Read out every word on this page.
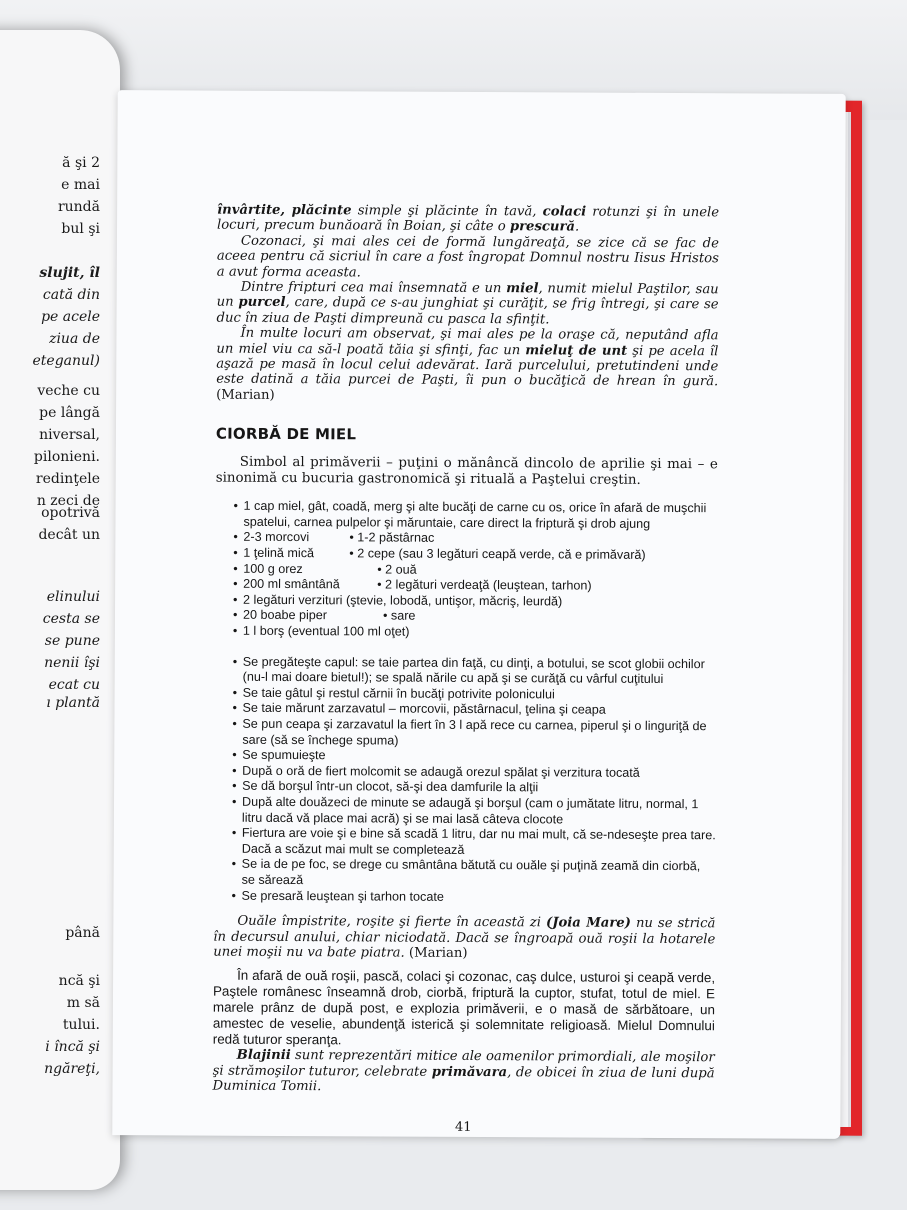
ă şi 2
e mai
rundă
bul şi
slujit, îl
cată din
pe acele
ziua de
eteganul)
veche cu
pe lângă
niversal,
pilonieni.
redinţele
n zeci de
opotrivă
decât un
elinului
cesta se
se pune
nenii îşi
ecat cu
ı plantă
până
ncă şi
m să
tului.
i încă şi
ngăreţi,

învârtite, plăcinte simple şi plăcinte în tavă, colaci rotunzi şi în unele locuri, precum bunăoară în Boian, şi câte o prescură.

Cozonaci, şi mai ales cei de formă lungăreaţă, se zice că se fac de aceea pentru că sicriul în care a fost îngropat Domnul nostru Iisus Hristos a avut forma aceasta.

Dintre fripturi cea mai însemnată e un miel, numit mielul Paştilor, sau un purcel, care, după ce s-au junghiat şi curăţit, se frig întregi, şi care se duc în ziua de Paşti dimpreună cu pasca la sfinţit.

În multe locuri am observat, şi mai ales pe la oraşe că, neputând afla un miel viu ca să-l poată tăia şi sfinţi, fac un mieluţ de unt şi pe acela îl aşază pe masă în locul celui adevărat. Iară purcelului, pretutindeni unde este datină a tăia purcei de Paşti, îi pun o bucăţică de hrean în gură. (Marian)

CIORBĂ DE MIEL

Simbol al primăverii – puţini o mănâncă dincolo de aprilie şi mai – e sinonimă cu bucuria gastronomică şi rituală a Paştelui creştin.

• 1 cap miel, gât, coadă, merg şi alte bucăţi de carne cu os, orice în afară de muşchii spatelui, carnea pulpelor şi măruntaie, care direct la friptură şi drob ajung
• 2-3 morcovi	• 1-2 păstârnac
• 1 ţelină mică	• 2 cepe (sau 3 legături ceapă verde, că e primăvară)
• 100 g orez	• 2 ouă
• 200 ml smântână	• 2 legături verdeaţă (leuştean, tarhon)
• 2 legături verzituri (ştevie, lobodă, untişor, măcriş, leurdă)
• 20 boabe piper	• sare
• 1 l borş (eventual 100 ml oţet)
• Se pregăteşte capul: se taie partea din faţă, cu dinţi, a botului, se scot globii ochilor (nu-l mai doare bietul!); se spală nările cu apă şi se curăţă cu vârful cuţitului
• Se taie gâtul şi restul cărnii în bucăţi potrivite polonicului
• Se taie mărunt zarzavatul – morcovii, păstârnacul, ţelina şi ceapa
• Se pun ceapa şi zarzavatul la fiert în 3 l apă rece cu carnea, piperul şi o linguriţă de sare (să se închege spuma)
• Se spumuieşte
• După o oră de fiert molcomit se adaugă orezul spălat şi verzitura tocată
• Se dă borşul într-un clocot, să-şi dea damfurile la alţii
• După alte douăzeci de minute se adaugă şi borşul (cam o jumătate litru, normal, 1 litru dacă vă place mai acră) şi se mai lasă câteva clocote
• Fiertura are voie şi e bine să scadă 1 litru, dar nu mai mult, că se-ndeseşte prea tare. Dacă a scăzut mai mult se completează
• Se ia de pe foc, se drege cu smântâna bătută cu ouăle şi puţină zeamă din ciorbă, se sărează
• Se presară leuştean şi tarhon tocate

Ouăle împistrite, roşite şi fierte în această zi (Joia Mare) nu se strică în decursul anului, chiar niciodată. Dacă se îngroapă ouă roşii la hotarele unei moşii nu va bate piatra. (Marian)

În afară de ouă roşii, pască, colaci şi cozonac, caş dulce, usturoi şi ceapă verde, Paştele românesc înseamnă drob, ciorbă, friptură la cuptor, stufat, totul de miel. E marele prânz de după post, e explozia primăverii, e o masă de sărbătoare, un amestec de veselie, abundenţă isterică şi solemnitate religioasă. Mielul Domnului redă tuturor speranţa.

Blajinii sunt reprezentări mitice ale oamenilor primordiali, ale moşilor şi strămoşilor tuturor, celebrate primăvara, de obicei în ziua de luni după Duminica Tomii.

41
